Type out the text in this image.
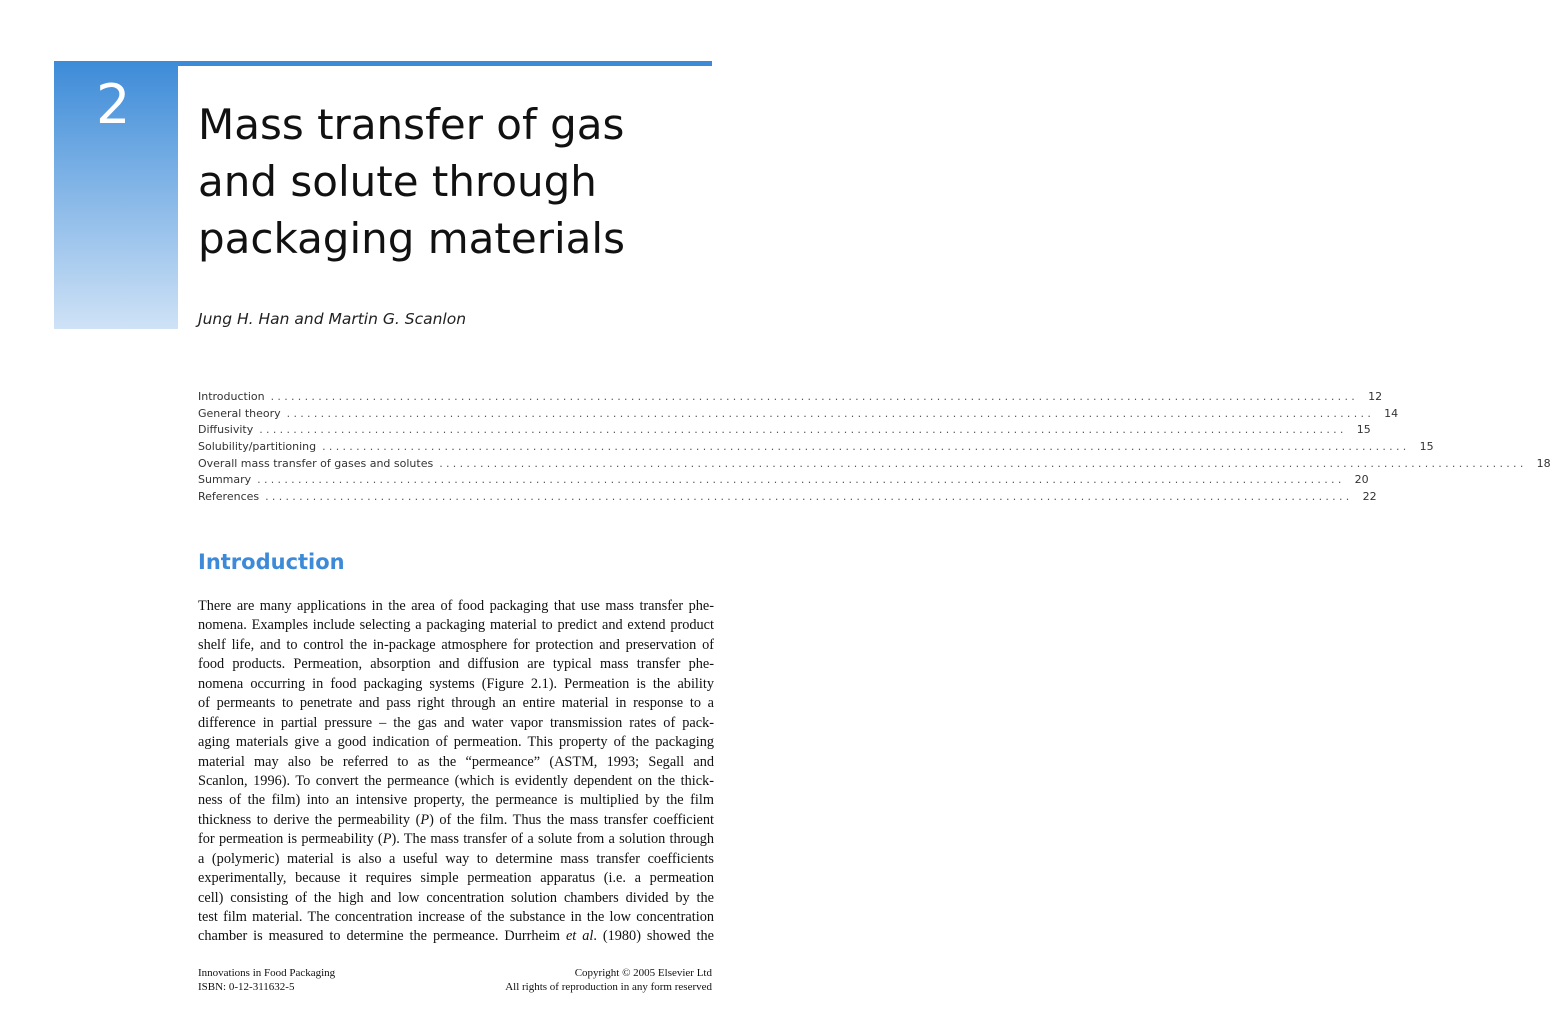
2 Mass transfer of gas
and solute through
packaging materials
Jung H. Han and Martin G. Scanlon
Introduction ................................................................................................................................................................ 12
General theory ................................................................................................................................................................ 14
Diffusivity ................................................................................................................................................................ 15
Solubility/partitioning ................................................................................................................................................................ 15
Overall mass transfer of gases and solutes ................................................................................................................................................................ 18
Summary ................................................................................................................................................................ 20
References ................................................................................................................................................................ 22
Introduction
There are many applications in the area of food packaging that use mass transfer phe-
nomena. Examples include selecting a packaging material to predict and extend product
shelf life, and to control the in-package atmosphere for protection and preservation of
food products. Permeation, absorption and diffusion are typical mass transfer phe-
nomena occurring in food packaging systems (Figure 2.1). Permeation is the ability
of permeants to penetrate and pass right through an entire material in response to a
difference in partial pressure – the gas and water vapor transmission rates of pack-
aging materials give a good indication of permeation. This property of the packaging
material may also be referred to as the “permeance” (ASTM, 1993; Segall and
Scanlon, 1996). To convert the permeance (which is evidently dependent on the thick-
ness of the film) into an intensive property, the permeance is multiplied by the film
thickness to derive the permeability (P) of the film. Thus the mass transfer coefficient
for permeation is permeability (P). The mass transfer of a solute from a solution through
a (polymeric) material is also a useful way to determine mass transfer coefficients
experimentally, because it requires simple permeation apparatus (i.e. a permeation
cell) consisting of the high and low concentration solution chambers divided by the
test film material. The concentration increase of the substance in the low concentration
chamber is measured to determine the permeance. Durrheim et al. (1980) showed the
Innovations in Food Packaging
ISBN: 0-12-311632-5
Copyright © 2005 Elsevier Ltd
All rights of reproduction in any form reserved
